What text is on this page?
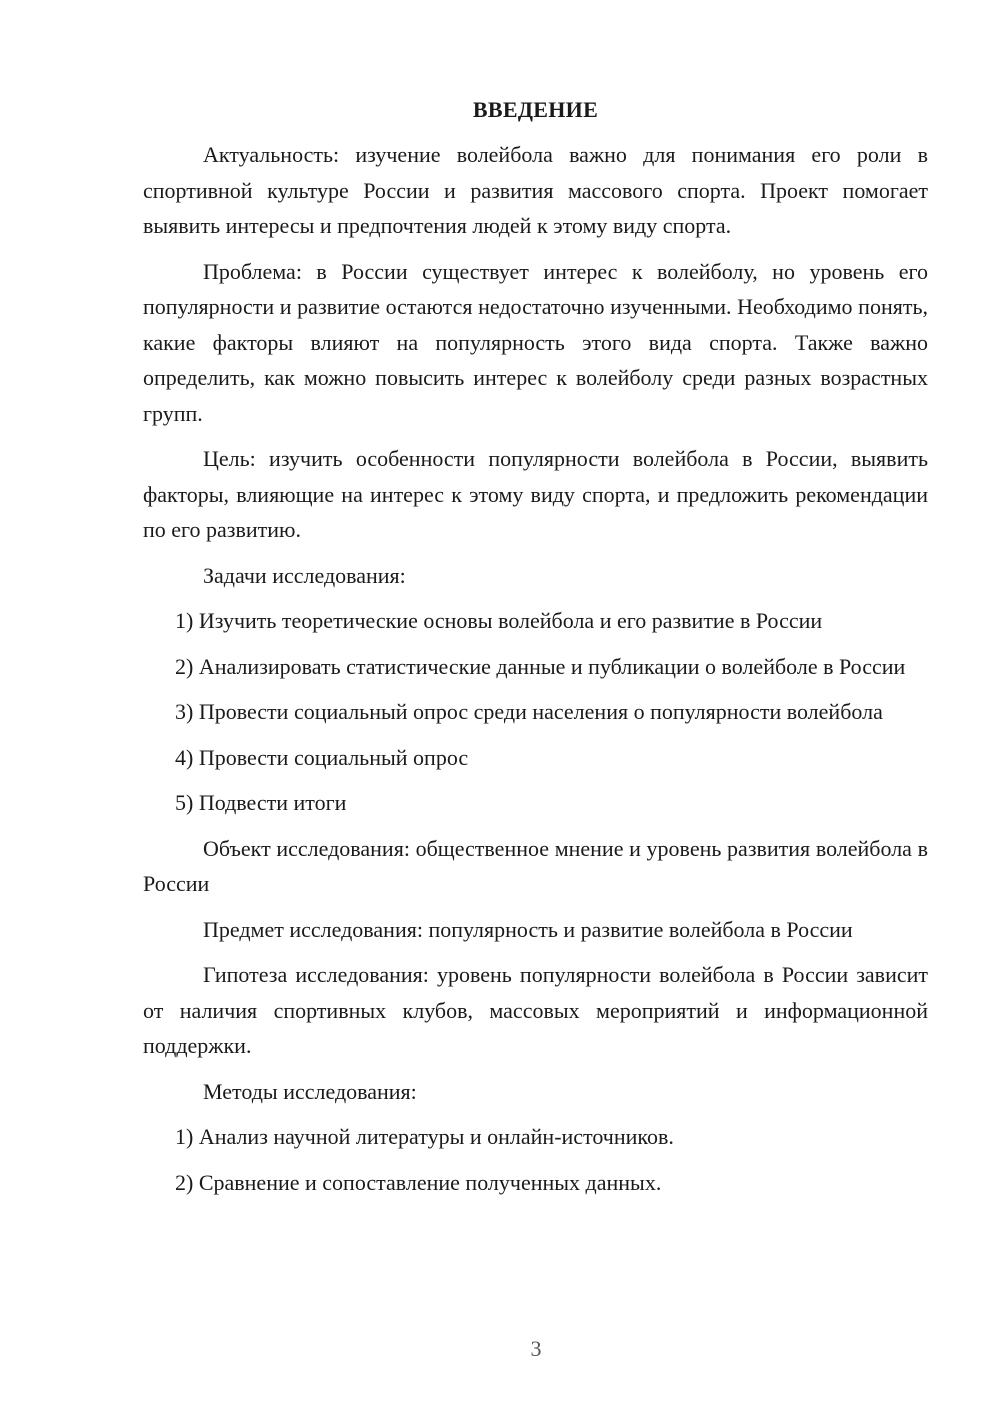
ВВЕДЕНИЕ

Актуальность: изучение волейбола важно для понимания его роли в спортивной культуре России и развития массового спорта. Проект помогает выявить интересы и предпочтения людей к этому виду спорта.

Проблема: в России существует интерес к волейболу, но уровень его популярности и развитие остаются недостаточно изученными. Необходимо понять, какие факторы влияют на популярность этого вида спорта. Также важно определить, как можно повысить интерес к волейболу среди разных возрастных групп.

Цель: изучить особенности популярности волейбола в России, выявить факторы, влияющие на интерес к этому виду спорта, и предложить рекомендации по его развитию.

Задачи исследования:

1) Изучить теоретические основы волейбола и его развитие в России

2) Анализировать статистические данные и публикации о волейболе в России

3) Провести социальный опрос среди населения о популярности волейбола

4) Провести социальный опрос

5) Подвести итоги

Объект исследования: общественное мнение и уровень развития волейбола в России

Предмет исследования: популярность и развитие волейбола в России

Гипотеза исследования: уровень популярности волейбола в России зависит от наличия спортивных клубов, массовых мероприятий и информационной поддержки.

Методы исследования:

1) Анализ научной литературы и онлайн-источников.

2) Сравнение и сопоставление полученных данных.

3
